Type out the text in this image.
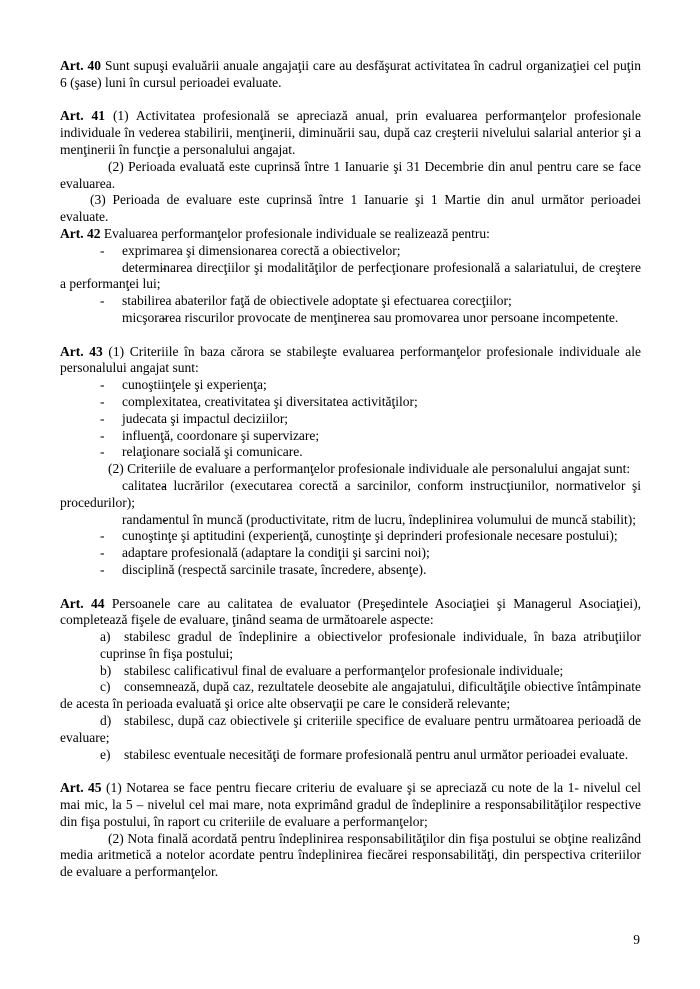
Art. 40 Sunt supuşi evaluării anuale angajaţii care au desfăşurat activitatea în cadrul organizaţiei cel puţin 6 (şase) luni în cursul perioadei evaluate.

Art. 41 (1) Activitatea profesională se apreciază anual, prin evaluarea performanţelor profesionale individuale în vederea stabilirii, menţinerii, diminuării sau, după caz creşterii nivelului salarial anterior şi a menţinerii în funcţie a personalului angajat.

(2) Perioada evaluată este cuprinsă între 1 Ianuarie şi 31 Decembrie din anul pentru care se face evaluarea.

(3) Perioada de evaluare este cuprinsă între 1 Ianuarie şi 1 Martie din anul următor perioadei evaluate.

Art. 42 Evaluarea performanţelor profesionale individuale se realizează pentru:

- exprimarea şi dimensionarea corectă a obiectivelor;

- determinarea direcţiilor şi modalităţilor de perfecţionare profesională a salariatului, de creştere a performanţei lui;

- stabilirea abaterilor faţă de obiectivele adoptate şi efectuarea corecţiilor;

- micşorarea riscurilor provocate de menţinerea sau promovarea unor persoane incompetente.

Art. 43 (1) Criteriile în baza cărora se stabileşte evaluarea performanţelor profesionale individuale ale personalului angajat sunt:

- cunoştiinţele şi experienţa;

- complexitatea, creativitatea şi diversitatea activităţilor;

- judecata şi impactul deciziilor;

- influenţă, coordonare şi supervizare;

- relaţionare socială şi comunicare.

(2) Criteriile de evaluare a performanţelor profesionale individuale ale personalului angajat sunt:

- calitatea lucrărilor (executarea corectă a sarcinilor, conform instrucţiunilor, normativelor şi procedurilor);

- randamentul în muncă (productivitate, ritm de lucru, îndeplinirea volumului de muncă stabilit);

- cunoştinţe şi aptitudini (experienţă, cunoştinţe şi deprinderi profesionale necesare postului);

- adaptare profesională (adaptare la condiţii şi sarcini noi);

- disciplină (respectă sarcinile trasate, încredere, absenţe).

Art. 44 Persoanele care au calitatea de evaluator (Preşedintele Asociaţiei şi Managerul Asociaţiei), completează fişele de evaluare, ţinând seama de următoarele aspecte:

a) stabilesc gradul de îndeplinire a obiectivelor profesionale individuale, în baza atribuţiilor cuprinse în fişa postului;

b) stabilesc calificativul final de evaluare a performanţelor profesionale individuale;

c) consemnează, după caz, rezultatele deosebite ale angajatului, dificultăţile obiective întâmpinate de acesta în perioada evaluată şi orice alte observaţii pe care le consideră relevante;

d) stabilesc, după caz obiectivele şi criteriile specifice de evaluare pentru următoarea perioadă de evaluare;

e) stabilesc eventuale necesităţi de formare profesională pentru anul următor perioadei evaluate.

Art. 45 (1) Notarea se face pentru fiecare criteriu de evaluare şi se apreciază cu note de la 1- nivelul cel mai mic, la 5 – nivelul cel mai mare, nota exprimând gradul de îndeplinire a responsabilităţilor respective din fişa postului, în raport cu criteriile de evaluare a performanţelor;

(2) Nota finală acordată pentru îndeplinirea responsabilităţilor din fişa postului se obţine realizând media aritmetică a notelor acordate pentru îndeplinirea fiecărei responsabilităţi, din perspectiva criteriilor de evaluare a performanţelor.

9
